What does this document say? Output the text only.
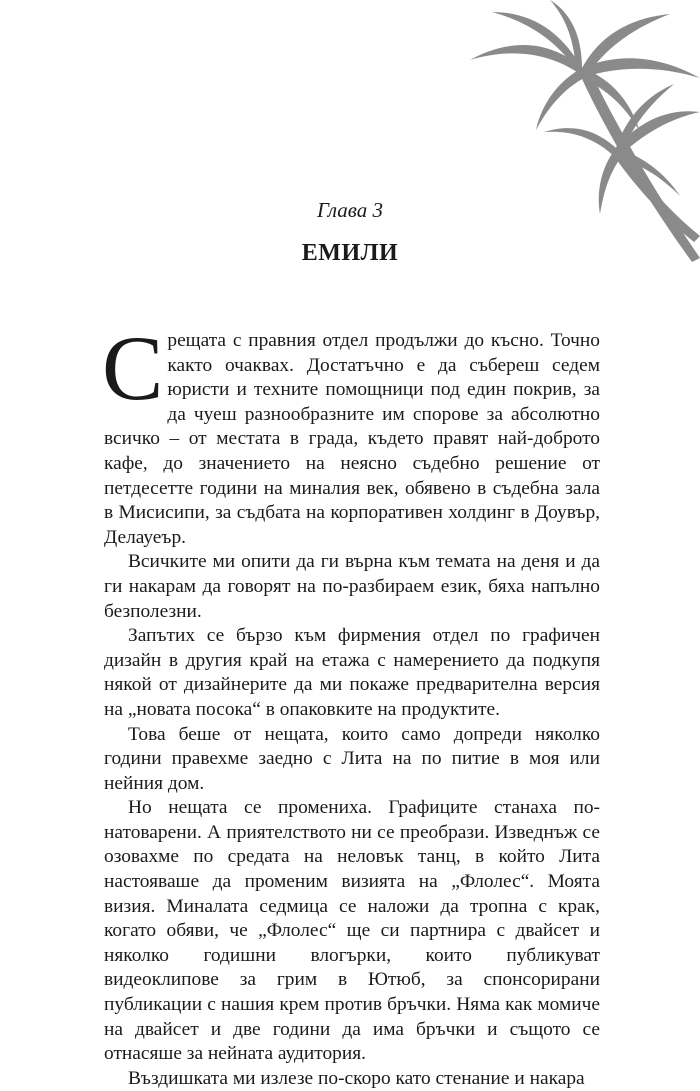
Глава 3
ЕМИЛИ

Срещата с правния отдел продължи до късно. Точно както очаквах. Достатъчно е да събереш седем юристи и техните помощници под един покрив, за да чуеш разнообразните им спорове за абсолютно всичко – от местата в града, където правят най-доброто кафе, до значението на неясно съдебно решение от петдесетте години на миналия век, обявено в съдебна зала в Мисисипи, за съдбата на корпоративен холдинг в Доувър, Делауеър.

Всичките ми опити да ги върна към темата на деня и да ги накарам да говорят на по-разбираем език, бяха напълно безполезни.

Запътих се бързо към фирмения отдел по графичен дизайн в другия край на етажа с намерението да подкупя някой от дизайнерите да ми покаже предварителна версия на „новата посока“ в опаковките на продуктите.

Това беше от нещата, които само допреди няколко години правехме заедно с Лита на по питие в моя или нейния дом.

Но нещата се промениха. Графиците станаха по-натоварени. А приятелството ни се преобрази. Изведнъж се озовахме по средата на неловък танц, в който Лита настояваше да променим визията на „Флолес“. Моята визия. Миналата седмица се наложи да тропна с крак, когато обяви, че „Флолес“ ще си партнира с двайсет и няколко годишни влогърки, които публикуват видеоклипове за грим в Ютюб, за спонсорирани публикации с нашия крем против бръчки. Няма как момиче на двайсет и две години да има бръчки и същото се отнасяше за нейната аудитория.

Въздишката ми излезе по-скоро като стенание и накара
